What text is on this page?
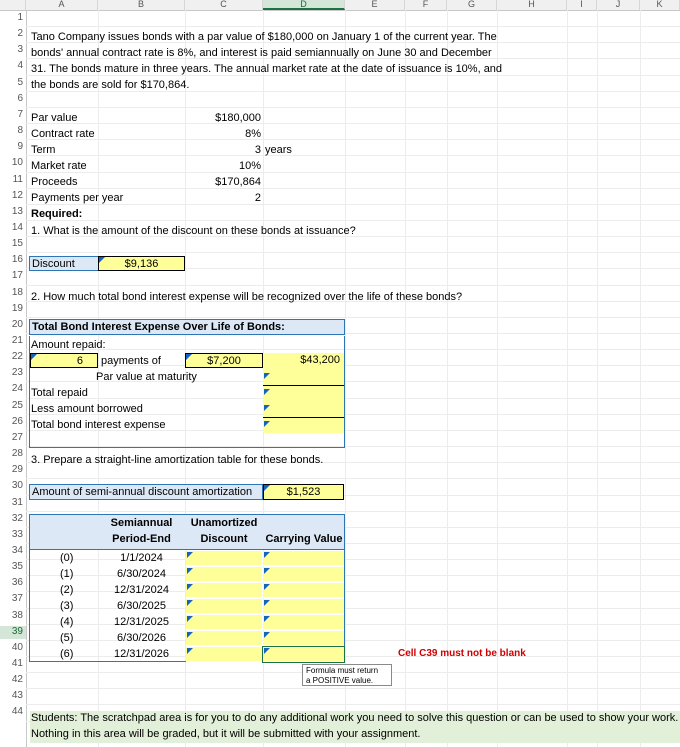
A	B	C	D	E	F	G	H	I	J	K
1
2
3
4
5
6
7
8
9
10
11
12
13
14
15
16
17
18
19
20
21
22
23
24
25
26
27
28
29
30
31
32
33
34
35
36
37
38
39
40
41
42
43
44
Tano Company issues bonds with a par value of $180,000 on January 1 of the current year. The
bonds' annual contract rate is 8%, and interest is paid semiannually on June 30 and December
31. The bonds mature in three years. The annual market rate at the date of issuance is 10%, and
the bonds are sold for $170,864.
Par value	$180,000
Contract rate	8%
Term	3 years
Market rate	10%
Proceeds	$170,864
Payments per year	2
Required:
1. What is the amount of the discount on these bonds at issuance?
Discount	$9,136
2. How much total bond interest expense will be recognized over the life of these bonds?
Total Bond Interest Expense Over Life of Bonds:
Amount repaid:
6	payments of	$7,200	$43,200
Par value at maturity
Total repaid
Less amount borrowed
Total bond interest expense
3. Prepare a straight-line amortization table for these bonds.
Amount of semi-annual discount amortization	$1,523
Semiannual
Period-End
Unamortized
Discount	Carrying Value
(0)	1/1/2024
(1)	6/30/2024
(2)	12/31/2024
(3)	6/30/2025
(4)	12/31/2025
(5)	6/30/2026
(6)	12/31/2026	Cell C39 must not be blank
Formula must return
a POSITIVE value.
Students: The scratchpad area is for you to do any additional work you need to solve this question or can be used to show your work.
Nothing in this area will be graded, but it will be submitted with your assignment.
